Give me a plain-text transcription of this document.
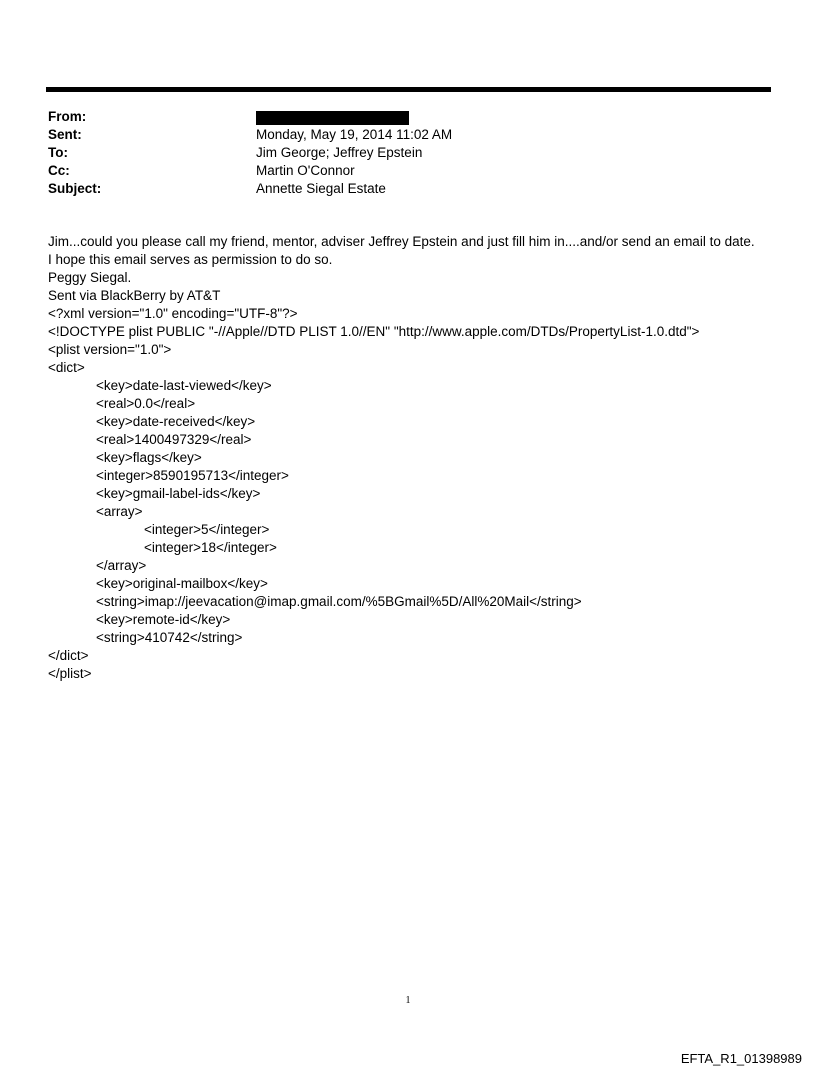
From:
Sent:	Monday, May 19, 2014 11:02 AM
To:	Jim George; Jeffrey Epstein
Cc:	Martin O'Connor
Subject:	Annette Siegal Estate
Jim...could you please call my friend, mentor, adviser Jeffrey Epstein and just fill him in....and/or send an email to date.
I hope this email serves as permission to do so.
Peggy Siegal.
Sent via BlackBerry by AT&T
<?xml version="1.0" encoding="UTF-8"?>
<!DOCTYPE plist PUBLIC "-//Apple//DTD PLIST 1.0//EN" "http://www.apple.com/DTDs/PropertyList-1.0.dtd">
<plist version="1.0">
<dict>
<key>date-last-viewed</key>
<real>0.0</real>
<key>date-received</key>
<real>1400497329</real>
<key>flags</key>
<integer>8590195713</integer>
<key>gmail-label-ids</key>
<array>
<integer>5</integer>
<integer>18</integer>
</array>
<key>original-mailbox</key>
<string>imap://jeevacation@imap.gmail.com/%5BGmail%5D/All%20Mail</string>
<key>remote-id</key>
<string>410742</string>
</dict>
</plist>
1
EFTA_R1_01398989
